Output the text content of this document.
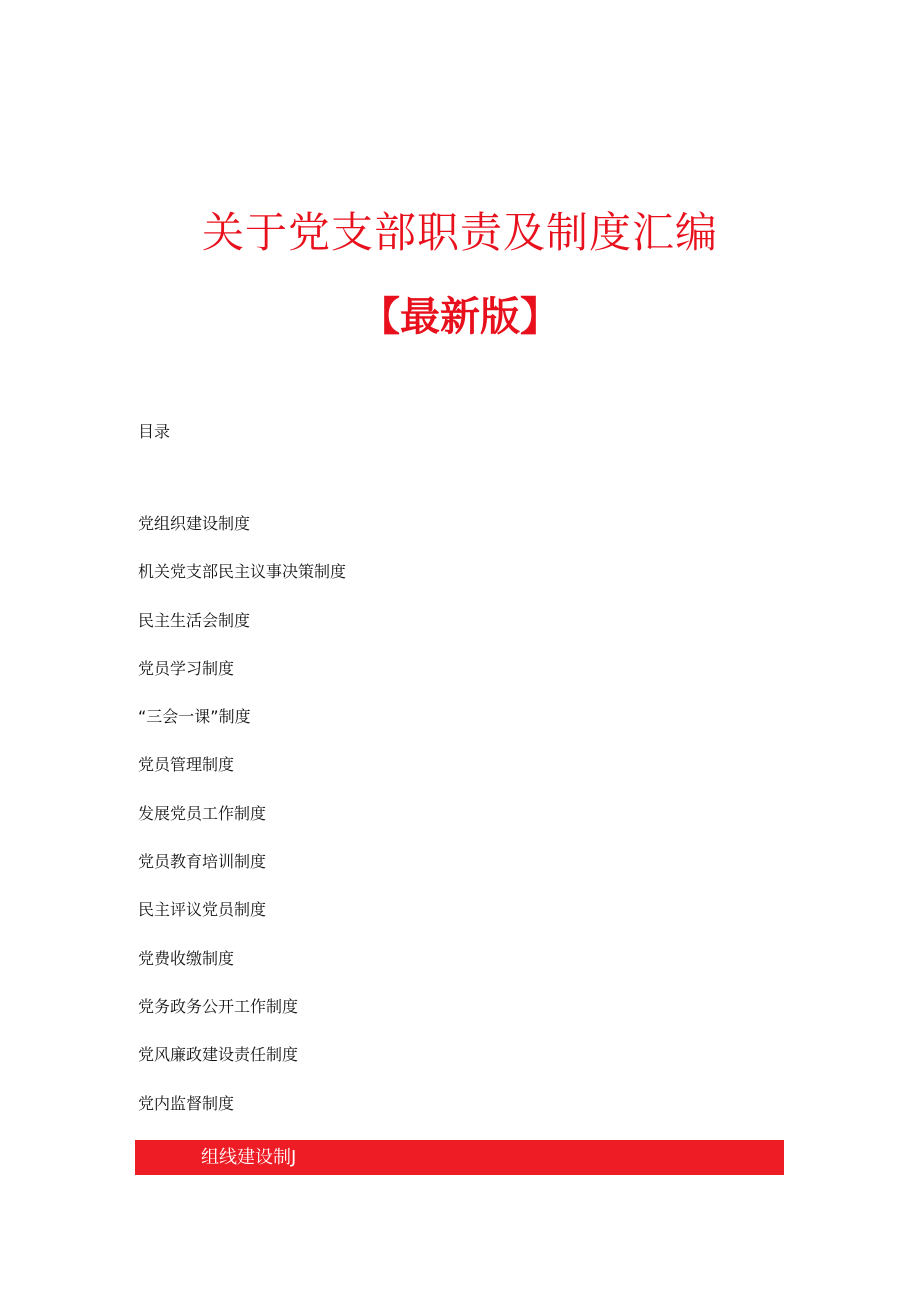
关于党支部职责及制度汇编
【最新版】
目录
党组织建设制度
机关党支部民主议事决策制度
民主生活会制度
党员学习制度
“三会一课”制度
党员管理制度
发展党员工作制度
党员教育培训制度
民主评议党员制度
党费收缴制度
党务政务公开工作制度
党风廉政建设责任制度
党内监督制度
组线建设制J
